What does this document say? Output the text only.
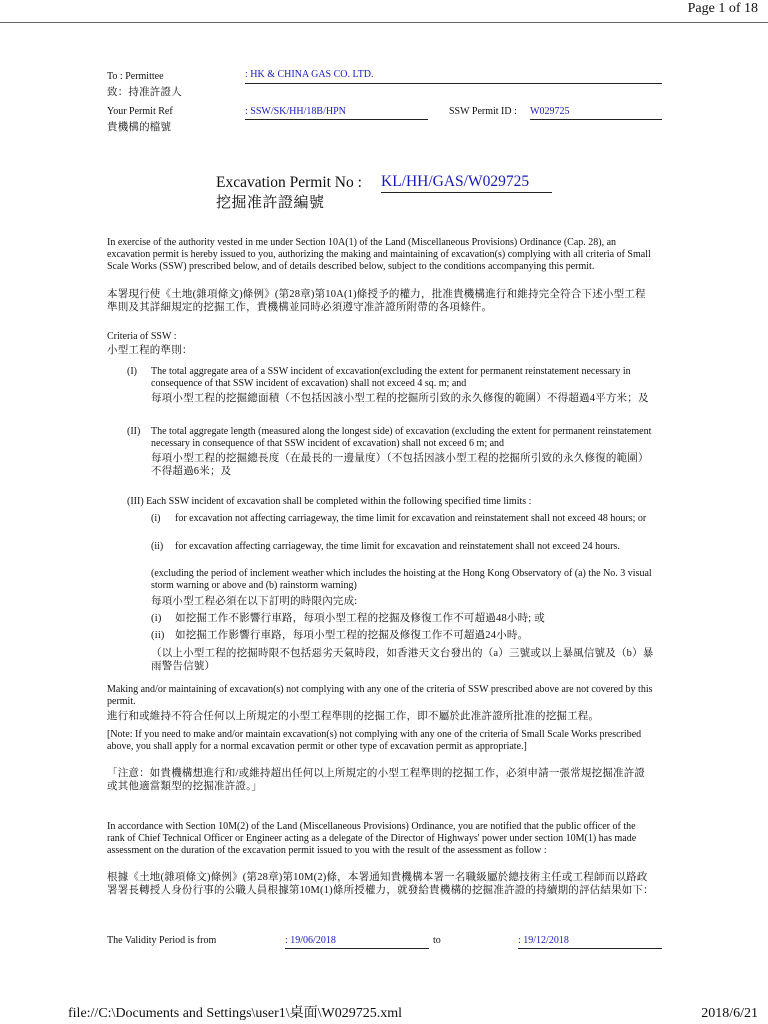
Page 1 of 18
To : Permittee	: HK & CHINA GAS CO. LTD.
致：持准許證人
Your Permit Ref	: SSW/SK/HH/18B/HPN	SSW Permit ID : W029725
貴機構的檔號
Excavation Permit No : KL/HH/GAS/W029725
挖掘准許證編號
In exercise of the authority vested in me under Section 10A(1) of the Land (Miscellaneous Provisions) Ordinance (Cap. 28), an excavation permit is hereby issued to you, authorizing the making and maintaining of excavation(s) complying with all criteria of Small Scale Works (SSW) prescribed below, and of details described below, subject to the conditions accompanying this permit.
本署現行使《土地(雜項條文)條例》(第28章)第10A(1)條授予的權力，批准貴機構進行和維持完全符合下述小型工程準則及其詳細規定的挖掘工作，貴機構並同時必須遵守准許證所附帶的各項條件。
Criteria of SSW :
小型工程的準則：
(I) The total aggregate area of a SSW incident of excavation(excluding the extent for permanent reinstatement necessary in consequence of that SSW incident of excavation) shall not exceed 4 sq. m; and
每項小型工程的挖掘總面積（不包括因該小型工程的挖掘所引致的永久修復的範圍）不得超過4平方米；及
(II) The total aggregate length (measured along the longest side) of excavation (excluding the extent for permanent reinstatement necessary in consequence of that SSW incident of excavation) shall not exceed 6 m; and
每項小型工程的挖掘總長度（在最長的一邊量度）（不包括因該小型工程的挖掘所引致的永久修復的範圍）不得超過6米；及
(III) Each SSW incident of excavation shall be completed within the following specified time limits :
(i) for excavation not affecting carriageway, the time limit for excavation and reinstatement shall not exceed 48 hours; or
(ii) for excavation affecting carriageway, the time limit for excavation and reinstatement shall not exceed 24 hours.
(excluding the period of inclement weather which includes the hoisting at the Hong Kong Observatory of (a) the No. 3 visual storm warning or above and (b) rainstorm warning)
每項小型工程必須在以下訂明的時限內完成:
(i) 如挖掘工作不影響行車路，每項小型工程的挖掘及修復工作不可超過48小時; 或
(ii) 如挖掘工作影響行車路，每項小型工程的挖掘及修復工作不可超過24小時。
（以上小型工程的挖掘時限不包括惡劣天氣時段，如香港天文台發出的（a）三號或以上暴風信號及（b）暴雨警告信號）
Making and/or maintaining of excavation(s) not complying with any one of the criteria of SSW prescribed above are not covered by this permit.
進行和或維持不符合任何以上所規定的小型工程準則的挖掘工作，即不屬於此准許證所批准的挖掘工程。
[Note: If you need to make and/or maintain excavation(s) not complying with any one of the criteria of Small Scale Works prescribed above, you shall apply for a normal excavation permit or other type of excavation permit as appropriate.]
「注意：如貴機構想進行和/或維持超出任何以上所規定的小型工程準則的挖掘工作，必須申請一張常規挖掘准許證或其他適當類型的挖掘准許證。」
In accordance with Section 10M(2) of the Land (Miscellaneous Provisions) Ordinance, you are notified that the public officer of the rank of Chief Technical Officer or Engineer acting as a delegate of the Director of Highways' power under section 10M(1) has made assessment on the duration of the excavation permit issued to you with the result of the assessment as follow :
根據《土地(雜項條文)條例》(第28章)第10M(2)條，本署通知貴機構本署一名職級屬於總技術主任或工程師而以路政署署長轉授人身份行事的公職人員根據第10M(1)條所授權力，就發給貴機構的挖掘准許證的持續期的評估結果如下：
The Validity Period is from	: 19/06/2018	to	: 19/12/2018
file://C:\Documents and Settings\user1\桌面\W029725.xml	2018/6/21
